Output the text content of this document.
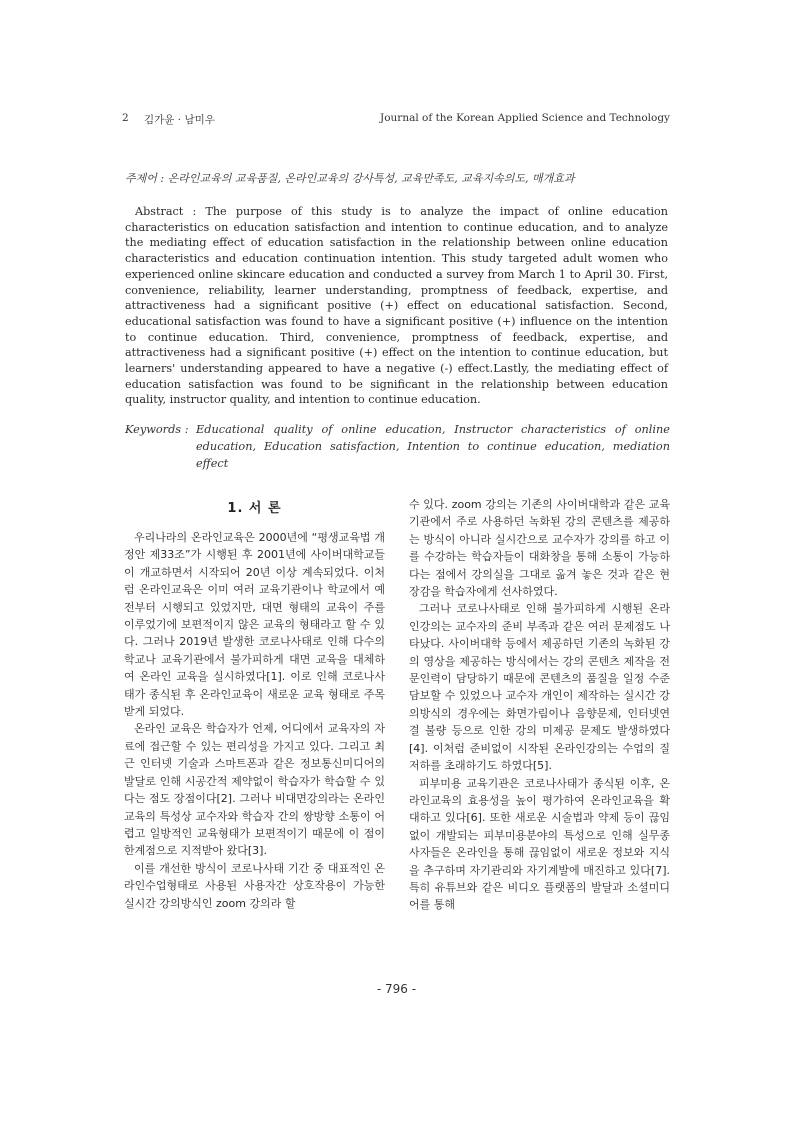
2 김가윤 · 남미우	Journal of the Korean Applied Science and Technology
주제어 : 온라인교육의 교육품질, 온라인교육의 강사특성, 교육만족도, 교육지속의도, 매개효과
Abstract : The purpose of this study is to analyze the impact of online education characteristics on education satisfaction and intention to continue education, and to analyze the mediating effect of education satisfaction in the relationship between online education characteristics and education continuation intention. This study targeted adult women who experienced online skincare education and conducted a survey from March 1 to April 30. First, convenience, reliability, learner understanding, promptness of feedback, expertise, and attractiveness had a significant positive (+) effect on educational satisfaction. Second, educational satisfaction was found to have a significant positive (+) influence on the intention to continue education. Third, convenience, promptness of feedback, expertise, and attractiveness had a significant positive (+) effect on the intention to continue education, but learners' understanding appeared to have a negative (-) effect.Lastly, the mediating effect of education satisfaction was found to be significant in the relationship between education quality, instructor quality, and intention to continue education.
Keywords : Educational quality of online education, Instructor characteristics of online education, Education satisfaction, Intention to continue education, mediation effect
1. 서 론

우리나라의 온라인교육은 2000년에 “평생교육법 개정안 제33조”가 시행된 후 2001년에 사이버대학교들이 개교하면서 시작되어 20년 이상 계속되었다. 이처럼 온라인교육은 이미 여러 교육기관이나 학교에서 예전부터 시행되고 있었지만, 대면 형태의 교육이 주를 이루었기에 보편적이지 않은 교육의 형태라고 할 수 있다. 그러나 2019년 발생한 코로나사태로 인해 다수의 학교나 교육기관에서 불가피하게 대면 교육을 대체하여 온라인 교육을 실시하였다[1]. 이로 인해 코로나사태가 종식된 후 온라인교육이 새로운 교육 형태로 주목받게 되었다.

온라인 교육은 학습자가 언제, 어디에서 교육자의 자료에 접근할 수 있는 편리성을 가지고 있다. 그리고 최근 인터넷 기술과 스마트폰과 같은 정보통신미디어의 발달로 인해 시공간적 제약없이 학습자가 학습할 수 있다는 점도 장점이다[2]. 그러나 비대면강의라는 온라인교육의 특성상 교수자와 학습자 간의 쌍방향 소통이 어렵고 일방적인 교육형태가 보편적이기 때문에 이 점이 한계점으로 지적받아 왔다[3].

이를 개선한 방식이 코로나사태 기간 중 대표적인 온라인수업형태로 사용된 사용자간 상호작용이 가능한 실시간 강의방식인 zoom 강의라 할

수 있다. zoom 강의는 기존의 사이버대학과 같은 교육기관에서 주로 사용하던 녹화된 강의 콘텐츠를 제공하는 방식이 아니라 실시간으로 교수자가 강의를 하고 이를 수강하는 학습자들이 대화창을 통해 소통이 가능하다는 점에서 강의실을 그대로 옮겨 놓은 것과 같은 현장감을 학습자에게 선사하였다.

그러나 코로나사태로 인해 불가피하게 시행된 온라인강의는 교수자의 준비 부족과 같은 여러 문제점도 나타났다. 사이버대학 등에서 제공하던 기존의 녹화된 강의 영상을 제공하는 방식에서는 강의 콘텐츠 제작을 전문인력이 담당하기 때문에 콘텐츠의 품질을 일정 수준 담보할 수 있었으나 교수자 개인이 제작하는 실시간 강의방식의 경우에는 화면가림이나 음향문제, 인터넷연결 불량 등으로 인한 강의 미제공 문제도 발생하였다[4]. 이처럼 준비없이 시작된 온라인강의는 수업의 질 저하를 초래하기도 하였다[5].

피부미용 교육기관은 코로나사태가 종식된 이후, 온라인교육의 효용성을 높이 평가하여 온라인교육을 확대하고 있다[6]. 또한 새로운 시술법과 약제 등이 끊임없이 개발되는 피부미용분야의 특성으로 인해 실무종사자들은 온라인을 통해 끊임없이 새로운 정보와 지식을 추구하며 자기관리와 자기계발에 매진하고 있다[7]. 특히 유튜브와 같은 비디오 플랫폼의 발달과 소셜미디어를 통해

- 796 -
